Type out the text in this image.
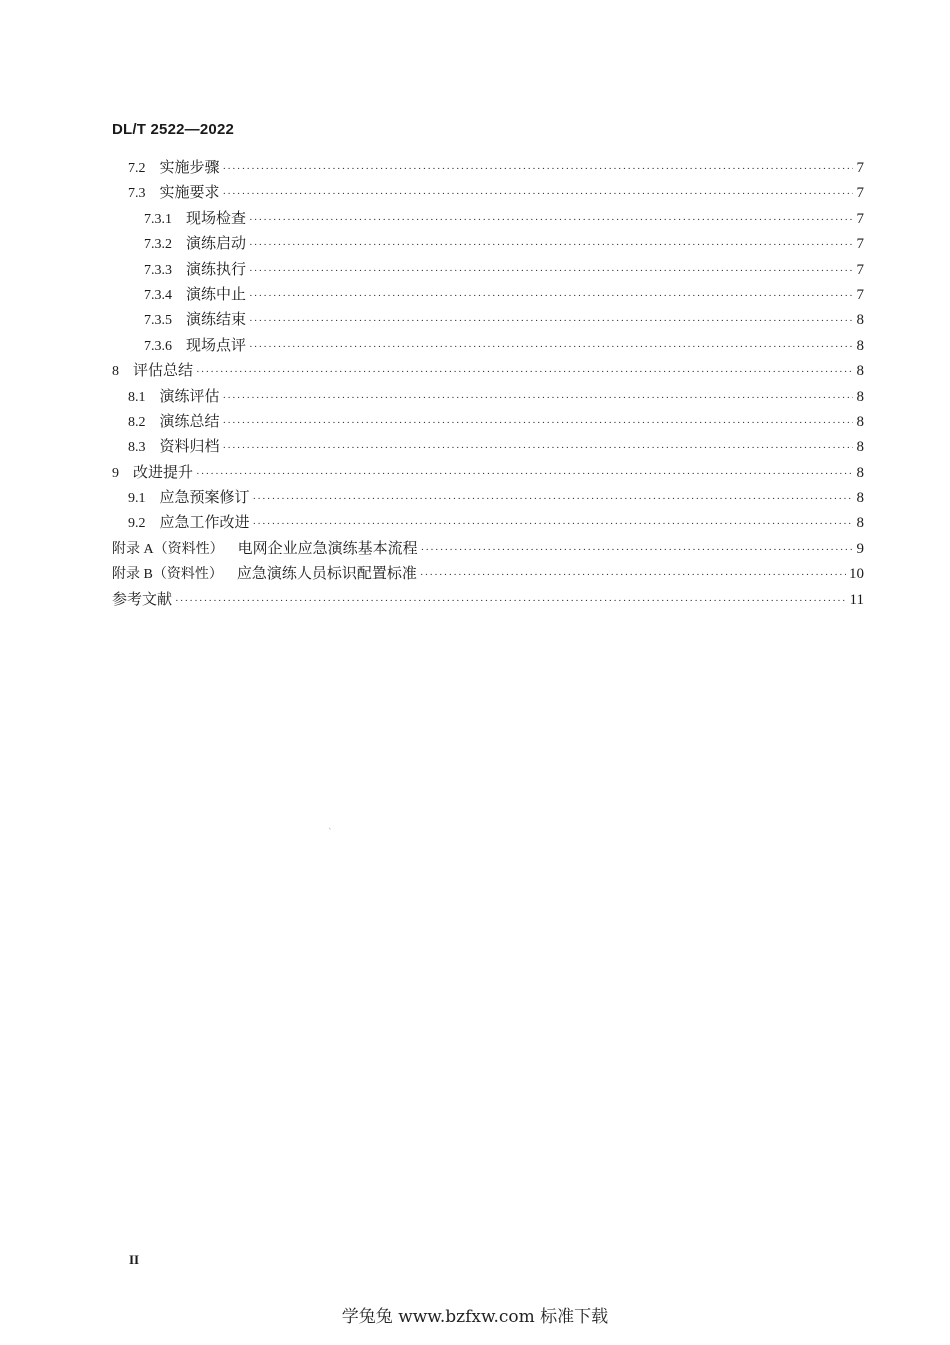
DL/T 2522—2022
7.2 实施步骤 ·····	7
7.3 实施要求 ·····	7
7.3.1 现场检查 ·····	7
7.3.2 演练启动 ·····	7
7.3.3 演练执行 ·····	7
7.3.4 演练中止 ·····	7
7.3.5 演练结束 ·····	8
7.3.6 现场点评 ·····	8
8 评估总结 ·····	8
8.1 演练评估 ·····	8
8.2 演练总结 ·····	8
8.3 资料归档 ·····	8
9 改进提升 ·····	8
9.1 应急预案修订 ·····	8
9.2 应急工作改进 ·····	8
附录 A（资料性） 电网企业应急演练基本流程 ·····	9
附录 B（资料性） 应急演练人员标识配置标准 ·····	10
参考文献 ·····	11
ˋ
II
学兔兔 www.bzfxw.com 标准下载
